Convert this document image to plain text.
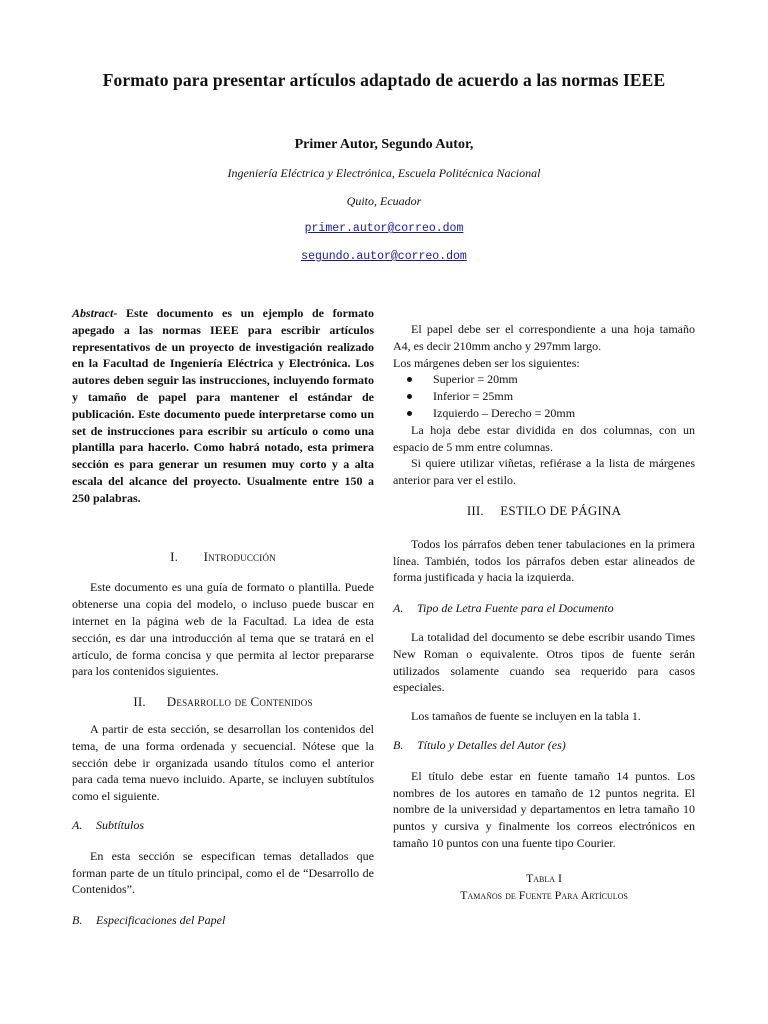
Formato para presentar artículos adaptado de acuerdo a las normas IEEE
Primer Autor, Segundo Autor,
Ingeniería Eléctrica y Electrónica, Escuela Politécnica Nacional
Quito, Ecuador
primer.autor@correo.dom
segundo.autor@correo.dom

Abstract- Este documento es un ejemplo de formato apegado a las normas IEEE para escribir artículos representativos de un proyecto de investigación realizado en la Facultad de Ingeniería Eléctrica y Electrónica. Los autores deben seguir las instrucciones, incluyendo formato y tamaño de papel para mantener el estándar de publicación. Este documento puede interpretarse como un set de instrucciones para escribir su artículo o como una plantilla para hacerlo. Como habrá notado, esta primera sección es para generar un resumen muy corto y a alta escala del alcance del proyecto. Usualmente entre 150 a 250 palabras.

I. Introducción

Este documento es una guía de formato o plantilla. Puede obtenerse una copia del modelo, o incluso puede buscar en internet en la página web de la Facultad. La idea de esta sección, es dar una introducción al tema que se tratará en el artículo, de forma concisa y que permita al lector prepararse para los contenidos siguientes.

II. Desarrollo de Contenidos

A partir de esta sección, se desarrollan los contenidos del tema, de una forma ordenada y secuencial. Nótese que la sección debe ir organizada usando títulos como el anterior para cada tema nuevo incluido. Aparte, se incluyen subtítulos como el siguiente.

A. Subtítulos

En esta sección se especifican temas detallados que forman parte de un título principal, como el de “Desarrollo de Contenidos”.

B. Especificaciones del Papel

El papel debe ser el correspondiente a una hoja tamaño A4, es decir 210mm ancho y 297mm largo.

Los márgenes deben ser los siguientes:

Superior = 20mm
Inferior = 25mm
Izquierdo – Derecho = 20mm

La hoja debe estar dividida en dos columnas, con un espacio de 5 mm entre columnas.

Si quiere utilizar viñetas, refiérase a la lista de márgenes anterior para ver el estilo.

III. ESTILO DE PÁGINA

Todos los párrafos deben tener tabulaciones en la primera línea. También, todos los párrafos deben estar alineados de forma justificada y hacia la izquierda.

A. Tipo de Letra Fuente para el Documento

La totalidad del documento se debe escribir usando Times New Roman o equivalente. Otros tipos de fuente serán utilizados solamente cuando sea requerido para casos especiales.

Los tamaños de fuente se incluyen en la tabla 1.

B. Título y Detalles del Autor (es)

El título debe estar en fuente tamaño 14 puntos. Los nombres de los autores en tamaño de 12 puntos negrita. El nombre de la universidad y departamentos en letra tamaño 10 puntos y cursiva y finalmente los correos electrónicos en tamaño 10 puntos con una fuente tipo Courier.

Tabla I

Tamaños de Fuente Para Artículos
